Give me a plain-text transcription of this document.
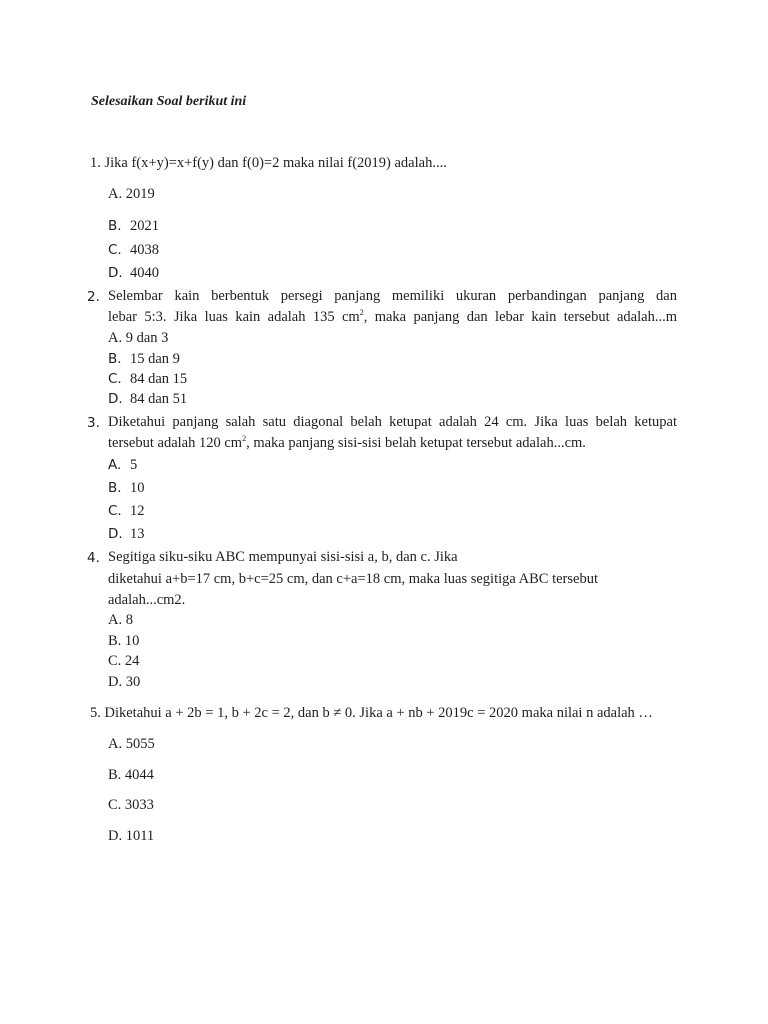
Selesaikan Soal berikut ini
1. Jika f(x+y)=x+f(y) dan f(0)=2 maka nilai f(2019) adalah....
A. 2019
B. 2021
C. 4038
D. 4040
2. Selembar kain berbentuk persegi panjang memiliki ukuran perbandingan panjang dan
lebar 5:3. Jika luas kain adalah 135 $cm^2$, maka panjang dan lebar kain tersebut adalah...m
A. 9 dan 3
B. 15 dan 9
C. 84 dan 15
D. 84 dan 51
3. Diketahui panjang salah satu diagonal belah ketupat adalah 24 cm. Jika luas belah ketupat
tersebut adalah 120 $cm^2$, maka panjang sisi-sisi belah ketupat tersebut adalah...cm.
A. 5
B. 10
C. 12
D. 13
4. Segitiga siku-siku ABC mempunyai sisi-sisi a, b, dan c. Jika
diketahui a+b=17 cm, b+c=25 cm, dan c+a=18 cm, maka luas segitiga ABC tersebut
adalah...cm2.
A. 8
B. 10
C. 24
D. 30
5. Diketahui a + 2b = 1, b + 2c = 2, dan b ≠ 0. Jika a + nb + 2019c = 2020 maka nilai n adalah …
A. 5055
B. 4044
C. 3033
D. 1011
